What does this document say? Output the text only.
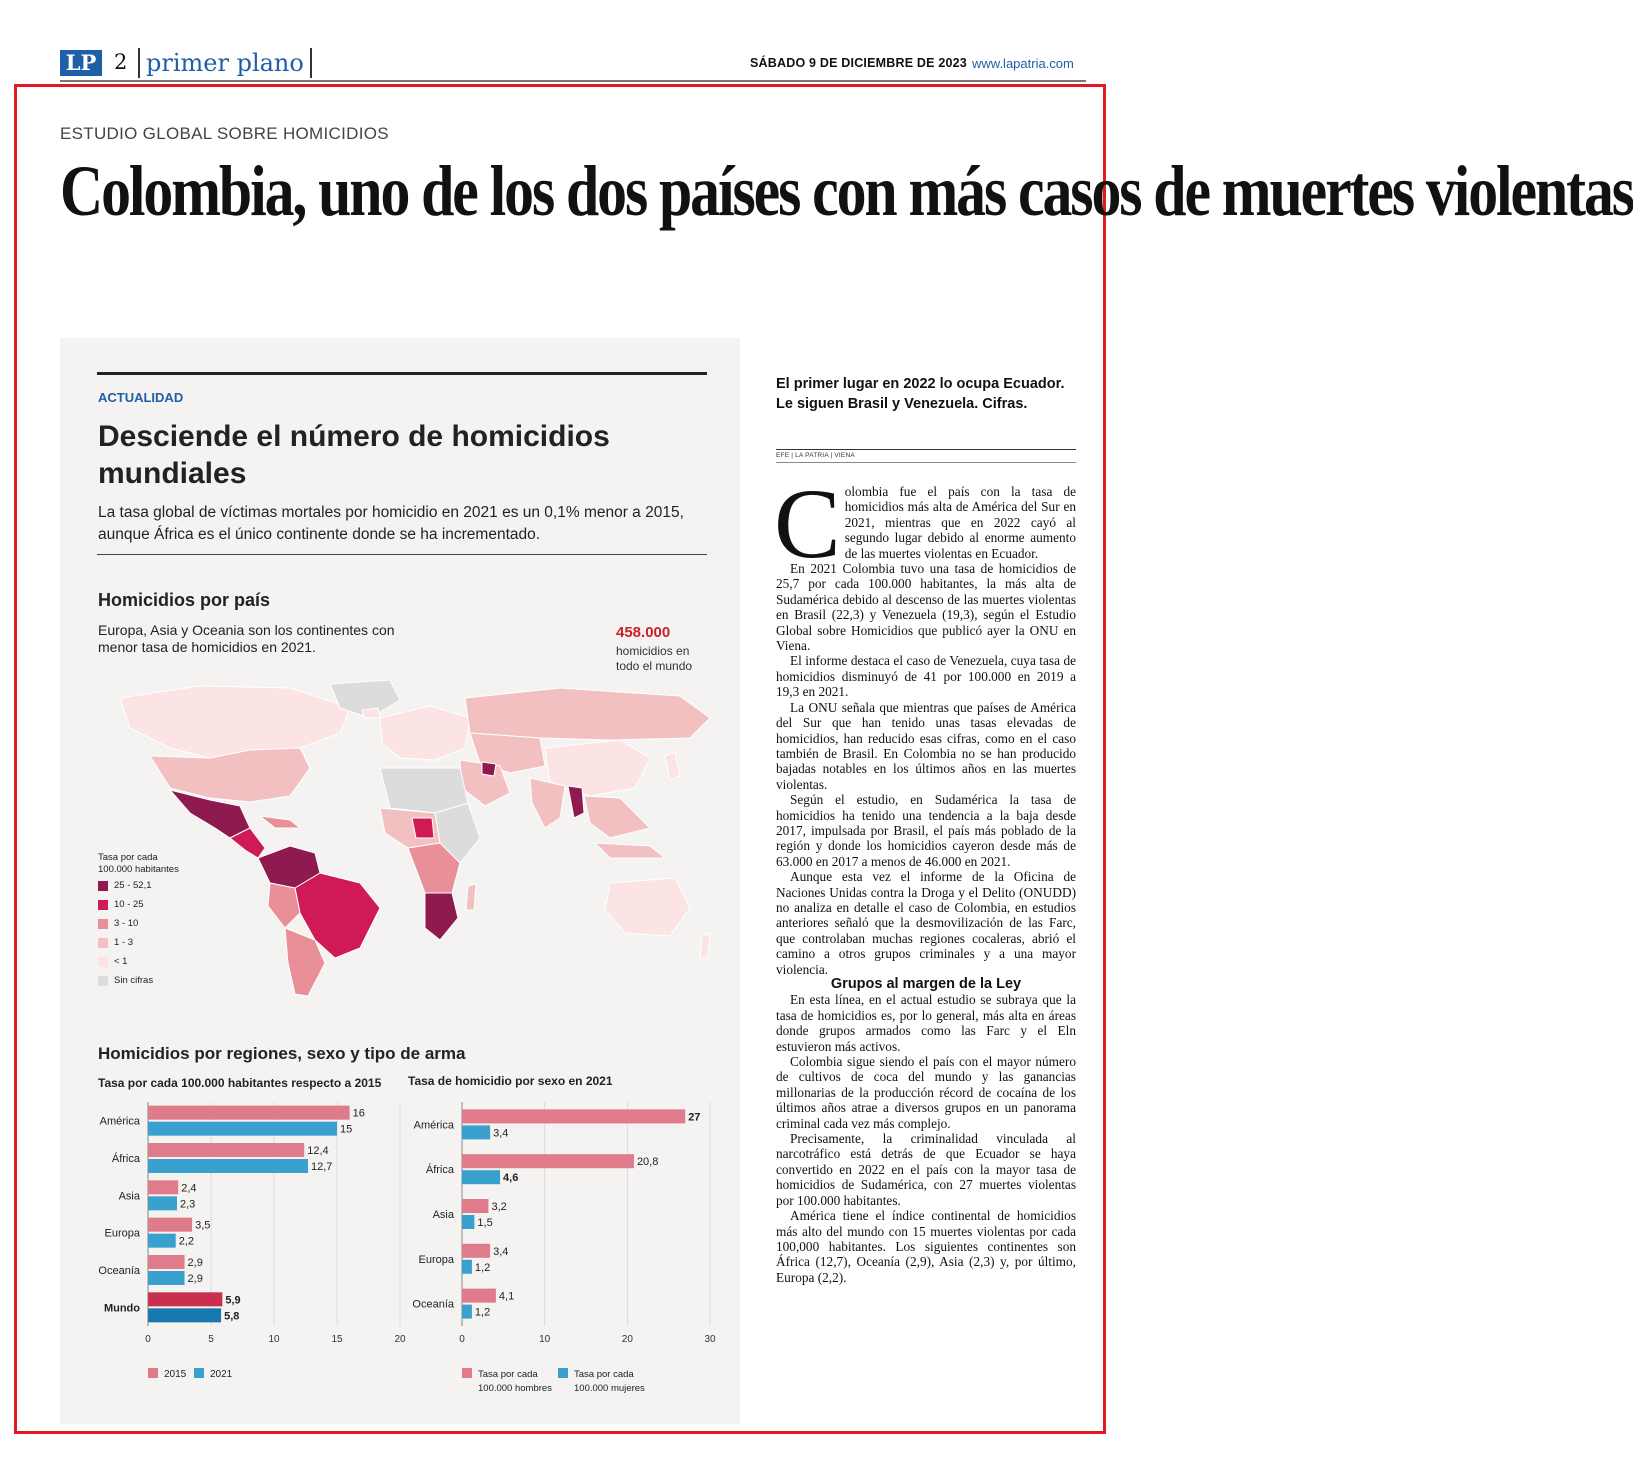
LP 2 primer plano	SÁBADO 9 DE DICIEMBRE DE 2023 www.lapatria.com
ESTUDIO GLOBAL SOBRE HOMICIDIOS
Colombia, uno de los dos países con más casos de muertes violentas
ACTUALIDAD
Desciende el número de homicidios mundiales

La tasa global de víctimas mortales por homicidio en 2021 es un 0,1% menor a 2015, aunque África es el único continente donde se ha incrementado.

Homicidios por país
Europa, Asia y Oceania son los continentes con menor tasa de homicidios en 2021.
458.000
homicidios en todo el mundo
Tasa por cada 100.000 habitantes
25 - 52,1
10 - 25
3 - 10
1 - 3
< 1
Sin cifras
Homicidios por regiones, sexo y tipo de arma
Tasa por cada 100.000 habitantes respecto a 2015 Tasa de homicidio por sexo en 2021
0	5	10	15	20
América
16
15
África
12,4
12,7
Asia
2,4
2,3
Europa
3,5
2,2
Oceanía
2,9
2,9
Mundo
5,9
5,8
2015 2021
0	10	20	30
América
27
3,4
África
20,8
4,6
Asia
3,2
1,5
Europa
3,4
1,2
Oceanía
4,1
1,2
Tasa por cada
100.000 hombres
Tasa por cada
100.000 mujeres

El primer lugar en 2022 lo ocupa Ecuador. Le siguen Brasil y Venezuela. Cifras.

EFE | LA PATRIA | VIENA

Colombia fue el país con la tasa de homicidios más alta de América del Sur en 2021, mientras que en 2022 cayó al segundo lugar debido al enorme aumento de las muertes violentas en Ecuador.

En 2021 Colombia tuvo una tasa de homicidios de 25,7 por cada 100.000 habitantes, la más alta de Sudamérica debido al descenso de las muertes violentas en Brasil (22,3) y Venezuela (19,3), según el Estudio Global sobre Homicidios que publicó ayer la ONU en Viena.

El informe destaca el caso de Venezuela, cuya tasa de homicidios disminuyó de 41 por 100.000 en 2019 a 19,3 en 2021.

La ONU señala que mientras que países de América del Sur que han tenido unas tasas elevadas de homicidios, han reducido esas cifras, como en el caso también de Brasil. En Colombia no se han producido bajadas notables en los últimos años en las muertes violentas.

Según el estudio, en Sudamérica la tasa de homicidios ha tenido una tendencia a la baja desde 2017, impulsada por Brasil, el país más poblado de la región y donde los homicidios cayeron desde más de 63.000 en 2017 a menos de 46.000 en 2021.

Aunque esta vez el informe de la Oficina de Naciones Unidas contra la Droga y el Delito (ONUDD) no analiza en detalle el caso de Colombia, en estudios anteriores señaló que la desmovilización de las Farc, que controlaban muchas regiones cocaleras, abrió el camino a otros grupos criminales y a una mayor violencia.

Grupos al margen de la Ley

En esta línea, en el actual estudio se subraya que la tasa de homicidios es, por lo general, más alta en áreas donde grupos armados como las Farc y el Eln estuvieron más activos.

Colombia sigue siendo el país con el mayor número de cultivos de coca del mundo y las ganancias millonarias de la producción récord de cocaína de los últimos años atrae a diversos grupos en un panorama criminal cada vez más complejo.

Precisamente, la criminalidad vinculada al narcotráfico está detrás de que Ecuador se haya convertido en 2022 en el país con la mayor tasa de homicidios de Sudamérica, con 27 muertes violentas por 100.000 habitantes.

América tiene el índice continental de homicidios más alto del mundo con 15 muertes violentas por cada 100,000 habitantes. Los siguientes continentes son África (12,7), Oceanía (2,9), Asia (2,3) y, por último, Europa (2,2).
